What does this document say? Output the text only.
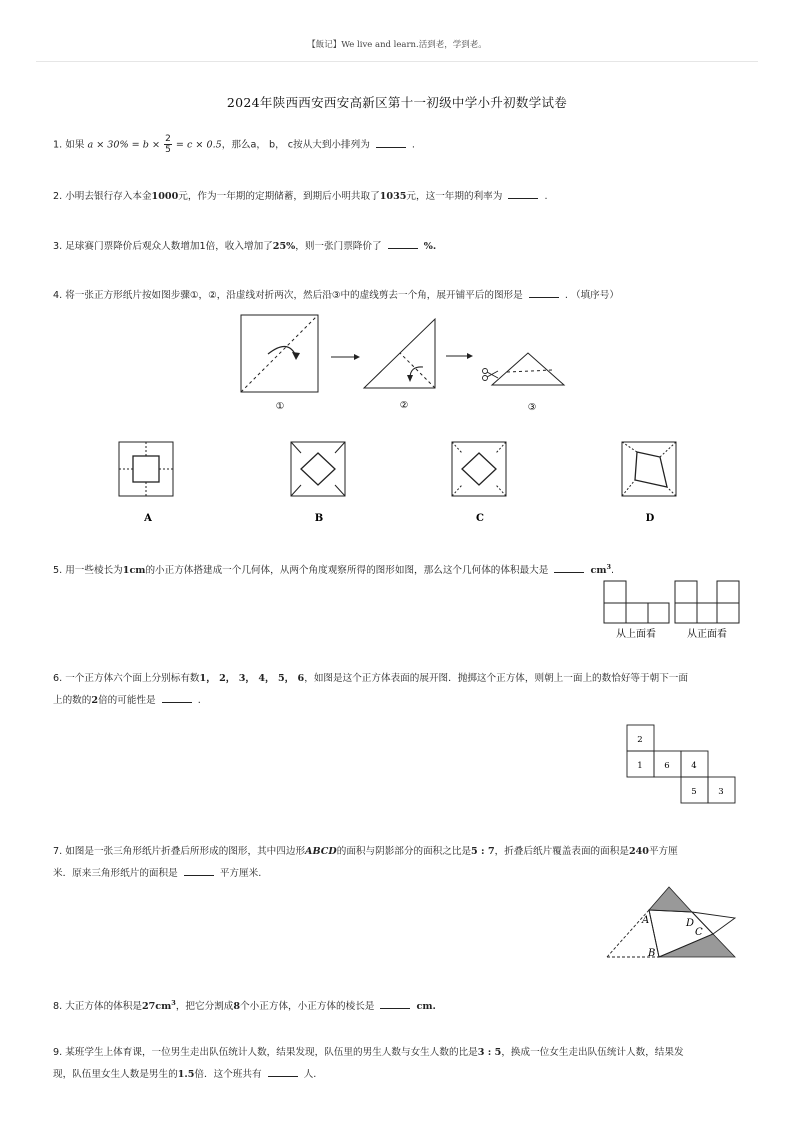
【飯记】We live and learn.活到老，学到老。
2024年陕西西安西安高新区第十一初级中学小升初数学试卷
1. 如果 $a \times 30\% = b \times \frac{2}{5} = c \times 0.5$，那么a， b， c按从大到小排列为	.
2. 小明去银行存入本金1000元，作为一年期的定期储蓄，到期后小明共取了1035元，这一年期的利率为	.
3. 足球赛门票降价后观众人数增加1倍，收入增加了25%，则一张门票降价了	%.
4. 将一张正方形纸片按如图步骤①，②，沿虚线对折两次，然后沿③中的虚线剪去一个角，展开铺平后的图形是	. （填序号）
①	②	③
A	B	C	D
5. 用一些棱长为1cm的小正方体搭建成一个几何体，从两个角度观察所得的图形如图，那么这个几何体的体积最大是	$cm^3$.
从上面看	从正面看
6. 一个正方体六个面上分别标有数1， 2， 3， 4， 5， 6，如图是这个正方体表面的展开图．抛掷这个正方体，则朝上一面上的数恰好等于朝下一面
上的数的2倍的可能性是	.
2
1	6	4
5	3
7. 如图是一张三角形纸片折叠后所形成的图形，其中四边形ABCD的面积与阴影部分的面积之比是5 : 7，折叠后纸片覆盖表面的面积是240平方厘
米．原来三角形纸片的面积是	平方厘米.
A	D
C
B
8. 大正方体的体积是$27cm^3$，把它分割成8个小正方体，小正方体的棱长是	cm.
9. 某班学生上体育课，一位男生走出队伍统计人数，结果发现，队伍里的男生人数与女生人数的比是3 : 5，换成一位女生走出队伍统计人数，结果发
现，队伍里女生人数是男生的1.5倍．这个班共有	人.
